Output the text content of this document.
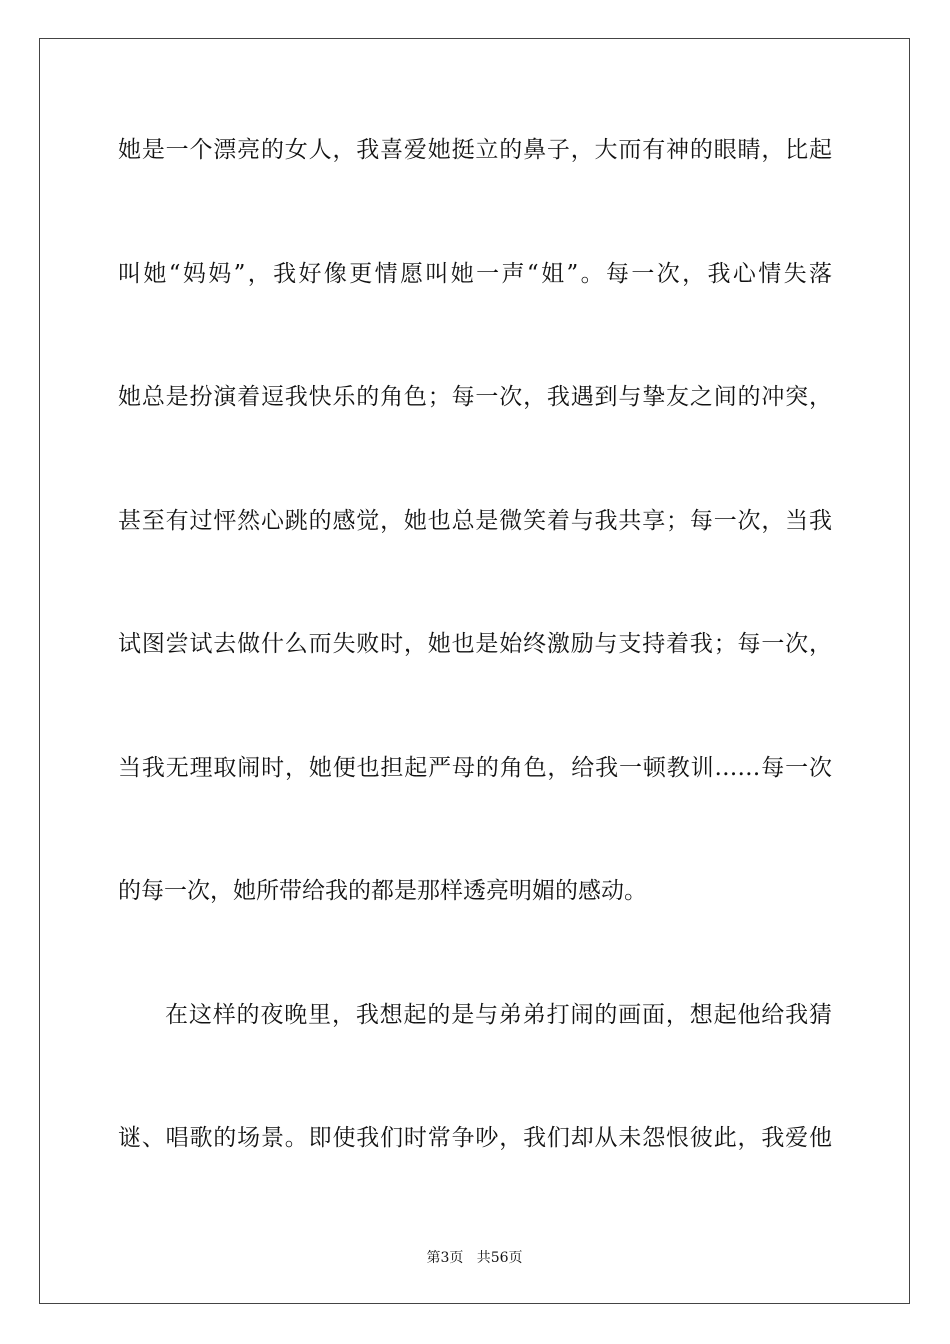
她是一个漂亮的女人，我喜爱她挺立的鼻子，大而有神的眼睛，比起
叫她“妈妈”，我好像更情愿叫她一声“姐”。每一次，我心情失落
她总是扮演着逗我快乐的角色；每一次，我遇到与挚友之间的冲突，
甚至有过怦然心跳的感觉，她也总是微笑着与我共享；每一次，当我
试图尝试去做什么而失败时，她也是始终激励与支持着我；每一次，
当我无理取闹时，她便也担起严母的角色，给我一顿教训……每一次
的每一次，她所带给我的都是那样透亮明媚的感动。
在这样的夜晚里，我想起的是与弟弟打闹的画面，想起他给我猜
谜、唱歌的场景。即使我们时常争吵，我们却从未怨恨彼此，我爱他
第3页   共56页
